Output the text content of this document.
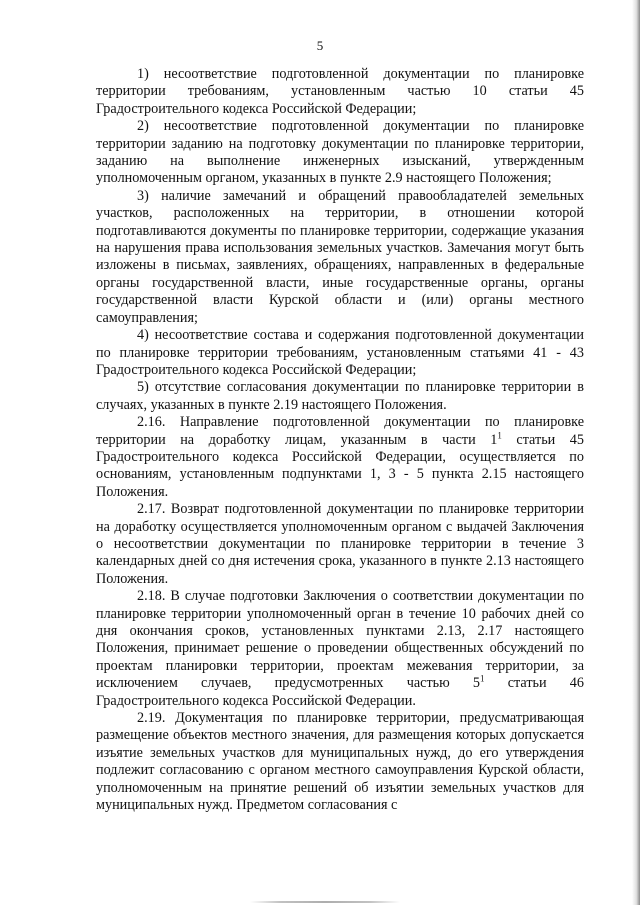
5

1) несоответствие подготовленной документации по планировке территории требованиям, установленным частью 10 статьи 45 Градостроительного кодекса Российской Федерации;

2) несоответствие подготовленной документации по планировке территории заданию на подготовку документации по планировке территории, заданию на выполнение инженерных изысканий, утвержденным уполномоченным органом, указанных в пункте 2.9 настоящего Положения;

3) наличие замечаний и обращений правообладателей земельных участков, расположенных на территории, в отношении которой подготавливаются документы по планировке территории, содержащие указания на нарушения права использования земельных участков. Замечания могут быть изложены в письмах, заявлениях, обращениях, направленных в федеральные органы государственной власти, иные государственные органы, органы государственной власти Курской области и (или) органы местного самоуправления;

4) несоответствие состава и содержания подготовленной документации по планировке территории требованиям, установленным статьями 41 - 43 Градостроительного кодекса Российской Федерации;

5) отсутствие согласования документации по планировке территории в случаях, указанных в пункте 2.19 настоящего Положения.

2.16. Направление подготовленной документации по планировке территории на доработку лицам, указанным в части $1^1$ статьи 45 Градостроительного кодекса Российской Федерации, осуществляется по основаниям, установленным подпунктами 1, 3 - 5 пункта 2.15 настоящего Положения.

2.17. Возврат подготовленной документации по планировке территории на доработку осуществляется уполномоченным органом с выдачей Заключения о несоответствии документации по планировке территории в течение 3 календарных дней со дня истечения срока, указанного в пункте 2.13 настоящего Положения.

2.18. В случае подготовки Заключения о соответствии документации по планировке территории уполномоченный орган в течение 10 рабочих дней со дня окончания сроков, установленных пунктами 2.13, 2.17 настоящего Положения, принимает решение о проведении общественных обсуждений по проектам планировки территории, проектам межевания территории, за исключением случаев, предусмотренных частью $5^1$ статьи 46 Градостроительного кодекса Российской Федерации.

2.19. Документация по планировке территории, предусматривающая размещение объектов местного значения, для размещения которых допускается изъятие земельных участков для муниципальных нужд, до его утверждения подлежит согласованию с органом местного самоуправления Курской области, уполномоченным на принятие решений об изъятии земельных участков для муниципальных нужд. Предметом согласования с
